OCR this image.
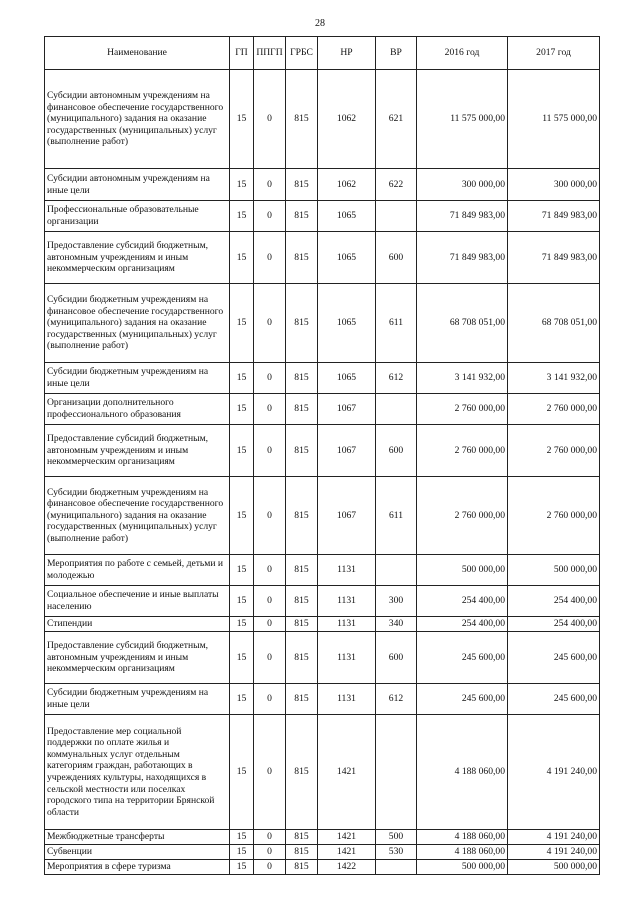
28
Наименование	ГП	ППГП	ГРБС	НР	ВР	2016 год	2017 год
Субсидии автономным учреждениям на финансовое обеспечение государственного (муниципального) задания на оказание государственных (муниципальных) услуг (выполнение работ)	15	0	815	1062	621	11 575 000,00	11 575 000,00
Субсидии автономным учреждениям на иные цели	15	0	815	1062	622	300 000,00	300 000,00
Профессиональные образовательные организации	15	0	815	1065		71 849 983,00	71 849 983,00
Предоставление субсидий бюджетным, автономным учреждениям и иным некоммерческим организациям	15	0	815	1065	600	71 849 983,00	71 849 983,00
Субсидии бюджетным учреждениям на финансовое обеспечение государственного (муниципального) задания на оказание государственных (муниципальных) услуг (выполнение работ)	15	0	815	1065	611	68 708 051,00	68 708 051,00
Субсидии бюджетным учреждениям на иные цели	15	0	815	1065	612	3 141 932,00	3 141 932,00
Организации дополнительного профессионального образования	15	0	815	1067		2 760 000,00	2 760 000,00
Предоставление субсидий бюджетным, автономным учреждениям и иным некоммерческим организациям	15	0	815	1067	600	2 760 000,00	2 760 000,00
Субсидии бюджетным учреждениям на финансовое обеспечение государственного (муниципального) задания на оказание государственных (муниципальных) услуг (выполнение работ)	15	0	815	1067	611	2 760 000,00	2 760 000,00
Мероприятия по работе с семьей, детьми и молодежью	15	0	815	1131		500 000,00	500 000,00
Социальное обеспечение и иные выплаты населению	15	0	815	1131	300	254 400,00	254 400,00
Стипендии	15	0	815	1131	340	254 400,00	254 400,00
Предоставление субсидий бюджетным, автономным учреждениям и иным некоммерческим организациям	15	0	815	1131	600	245 600,00	245 600,00
Субсидии бюджетным учреждениям на иные цели	15	0	815	1131	612	245 600,00	245 600,00
Предоставление мер социальной поддержки по оплате жилья и коммунальных услуг отдельным категориям граждан, работающих в учреждениях культуры, находящихся в сельской местности или поселках городского типа на территории Брянской области	15	0	815	1421		4 188 060,00	4 191 240,00
Межбюджетные трансферты	15	0	815	1421	500	4 188 060,00	4 191 240,00
Субвенции	15	0	815	1421	530	4 188 060,00	4 191 240,00
Мероприятия в сфере туризма	15	0	815	1422		500 000,00	500 000,00
